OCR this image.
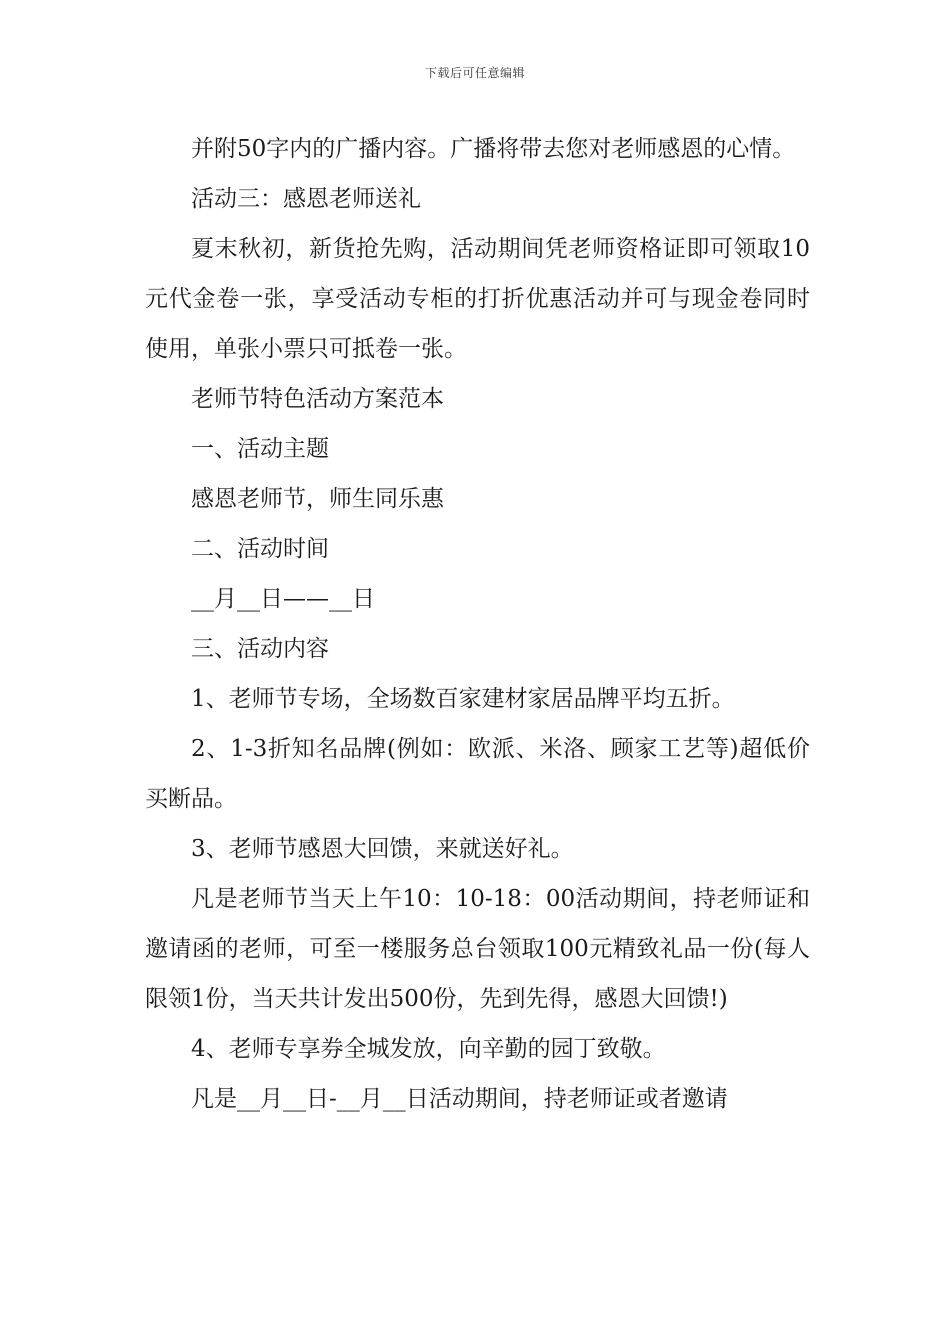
下载后可任意编辑

并附50字内的广播内容。广播将带去您对老师感恩的心情。

活动三：感恩老师送礼

夏末秋初，新货抢先购，活动期间凭老师资格证即可领取10元代金卷一张，享受活动专柜的打折优惠活动并可与现金卷同时使用，单张小票只可抵卷一张。

老师节特色活动方案范本

一、活动主题

感恩老师节，师生同乐惠

二、活动时间

__月__日——__日

三、活动内容

1、老师节专场，全场数百家建材家居品牌平均五折。

2、1-3折知名品牌(例如：欧派、米洛、顾家工艺等)超低价买断品。

3、老师节感恩大回馈，来就送好礼。

凡是老师节当天上午10：10-18：00活动期间，持老师证和邀请函的老师，可至一楼服务总台领取100元精致礼品一份(每人限领1份，当天共计发出500份，先到先得，感恩大回馈!)

4、老师专享券全城发放，向辛勤的园丁致敬。

凡是__月__日-__月__日活动期间，持老师证或者邀请
